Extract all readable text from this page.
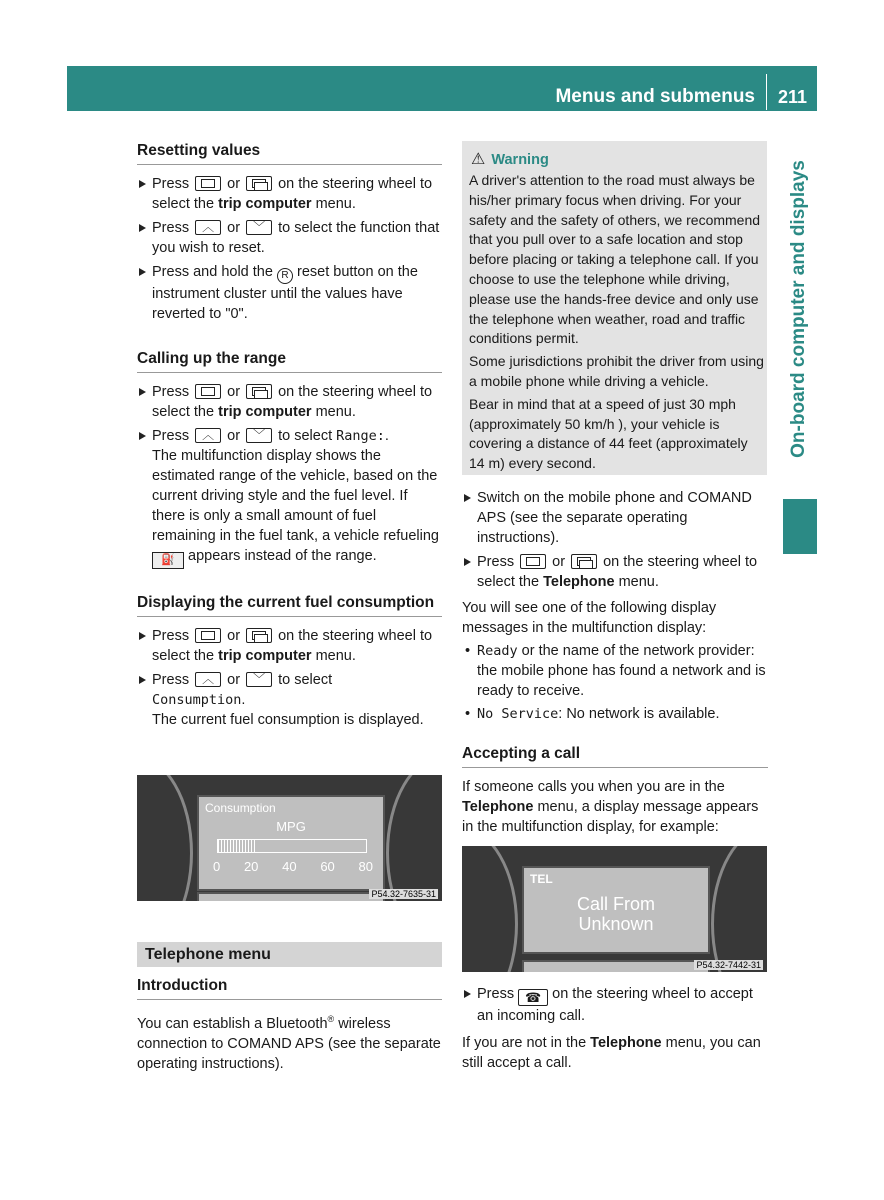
Menus and submenus 211
On-board computer and displays
Resetting values

Press	or	on the steering wheel to select the trip computer menu.

Press	︿ or	﹀ to select the function that you wish to reset.

Press and hold the R reset button on the instrument cluster until the values have reverted to "0".

Calling up the range

Press	or	on the steering wheel to select the trip computer menu.

Press	︿ or	﹀ to select Range:.
The multifunction display shows the estimated range of the vehicle, based on the current driving style and the fuel level. If there is only a small amount of fuel remaining in the fuel tank, a vehicle refueling ⛽ appears instead of the range.

Displaying the current fuel consumption

Press	or	on the steering wheel to select the trip computer menu.

Press	︿ or	﹀ to select
Consumption.
The current fuel consumption is displayed.

Consumption
MPG
0 20 40 60 80
P54.32-7635-31
Telephone menu
Introduction

You can establish a Bluetooth® wireless connection to COMAND APS (see the separate operating instructions).

⚠ Warning

A driver's attention to the road must always be his/her primary focus when driving. For your safety and the safety of others, we recommend that you pull over to a safe location and stop before placing or taking a telephone call. If you choose to use the telephone while driving, please use the hands-free device and only use the telephone when weather, road and traffic conditions permit.

Some jurisdictions prohibit the driver from using a mobile phone while driving a vehicle.

Bear in mind that at a speed of just 30 mph (approximately 50 km/h ), your vehicle is covering a distance of 44 feet (approximately 14 m) every second.

Switch on the mobile phone and COMAND APS (see the separate operating instructions).

Press	or	on the steering wheel to select the Telephone menu.

You will see one of the following display messages in the multifunction display:

• Ready or the name of the network provider: the mobile phone has found a network and is ready to receive.
• No Service: No network is available.
Accepting a call

If someone calls you when you are in the Telephone menu, a display message appears in the multifunction display, for example:

TEL
Call From
Unknown
P54.32-7442-31

Press ☎ on the steering wheel to accept an incoming call.

If you are not in the Telephone menu, you can still accept a call.
